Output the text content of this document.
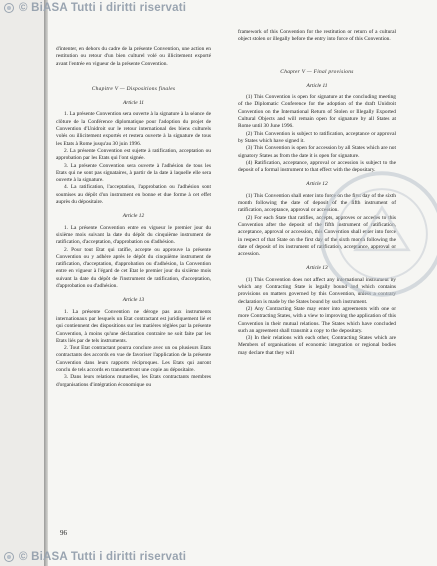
d'intenter, en dehors du cadre de la présente Convention, une action en restitution ou retour d'un bien culturel volé ou illicitement exporté avant l'entrée en vigueur de la présente Convention.

Chapitre V — Dispositions finales
Article 11

1. La présente Convention sera ouverte à la signature à la séance de clôture de la Conférence diplomatique pour l'adoption du projet de Convention d'Unidroit sur le retour international des biens culturels volés ou illicitement exportés et restera ouverte à la signature de tous les Etats à Rome jusqu'au 30 juin 1996.

2. La présente Convention est sujette à ratification, acceptation ou approbation par les Etats qui l'ont signée.

3. La présente Convention sera ouverte à l'adhésion de tous les Etats qui ne sont pas signataires, à partir de la date à laquelle elle sera ouverte à la signature.

4. La ratification, l'acceptation, l'approbation ou l'adhésion sont soumises au dépôt d'un instrument en bonne et due forme à cet effet auprès du dépositaire.

Article 12

1. La présente Convention entre en vigueur le premier jour du sixième mois suivant la date du dépôt du cinquième instrument de ratification, d'acceptation, d'approbation ou d'adhésion.

2. Pour tout Etat qui ratifie, accepte ou approuve la présente Convention ou y adhère après le dépôt du cinquième instrument de ratification, d'acceptation, d'approbation ou d'adhésion, la Convention entre en vigueur à l'égard de cet Etat le premier jour du sixième mois suivant la date du dépôt de l'instrument de ratification, d'acceptation, d'approbation ou d'adhésion.

Article 13

1. La présente Convention ne déroge pas aux instruments internationaux par lesquels un Etat contractant est juridiquement lié et qui contiennent des dispositions sur les matières réglées par la présente Convention, à moins qu'une déclaration contraire ne soit faite par les Etats liés par de tels instruments.

2. Tout Etat contractant pourra conclure avec un ou plusieurs Etats contractants des accords en vue de favoriser l'application de la présente Convention dans leurs rapports réciproques. Les Etats qui auront conclu de tels accords en transmettront une copie au dépositaire.

3. Dans leurs relations mutuelles, les Etats contractants membres d'organisations d'intégration économique ou

framework of this Convention for the restitution or return of a cultural object stolen or illegally before the entry into force of this Convention.

Chapter V — Final provisions
Article 11

(1) This Convention is open for signature at the concluding meeting of the Diplomatic Conference for the adoption of the draft Unidroit Convention on the International Return of Stolen or Illegally Exported Cultural Objects and will remain open for signature by all States at Rome until 30 June 1996.

(2) This Convention is subject to ratification, acceptance or approval by States which have signed it.

(3) This Convention is open for accession by all States which are not signatory States as from the date it is open for signature.

(4) Ratification, acceptance, approval or accession is subject to the deposit of a formal instrument to that effect with the depositary.

Article 12

(1) This Convention shall enter into force on the first day of the sixth month following the date of deposit of the fifth instrument of ratification, acceptance, approval or accession.

(2) For each State that ratifies, accepts, approves or accedes to this Convention after the deposit of the fifth instrument of ratification, acceptance, approval or accession, this Convention shall enter into force in respect of that State on the first day of the sixth month following the date of deposit of its instrument of ratification, acceptance, approval or accession.

Article 13

(1) This Convention does not affect any international instrument by which any Contracting State is legally bound and which contains provisions on matters governed by this Convention, unless a contrary declaration is made by the States bound by such instrument.

(2) Any Contracting State may enter into agreements with one or more Contracting States, with a view to improving the application of this Convention in their mutual relations. The States which have concluded such an agreement shall transmit a copy to the depositary.

(3) In their relations with each other, Contracting States which are Members of organisations of economic integration or regional bodies may declare that they will

96
© BiASA Tutti i diritti riservati
© BiASA Tutti i diritti riservati
